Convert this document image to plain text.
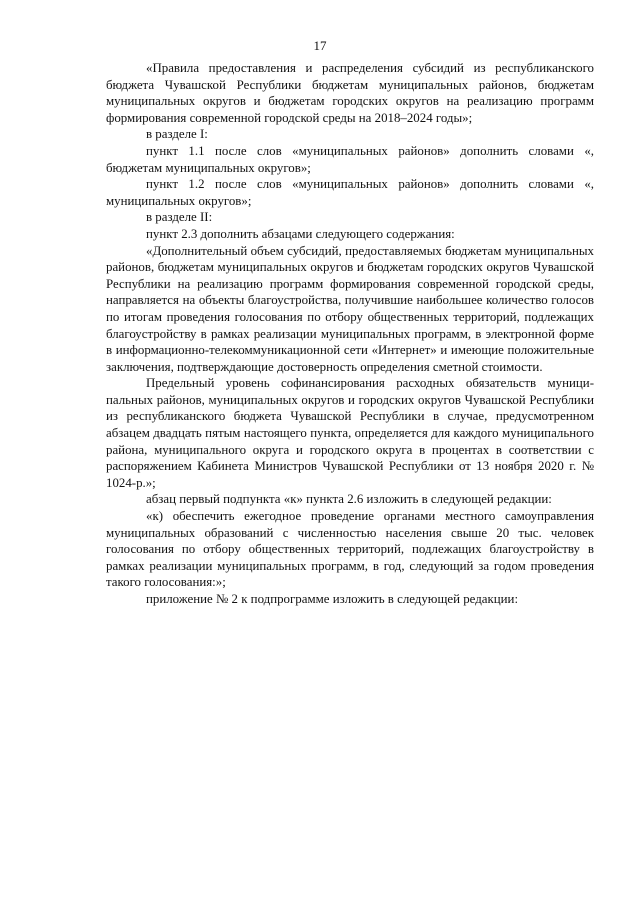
17

«Правила предоставления и распределения субсидий из республиканского бюджета Чувашской Республики бюджетам муниципальных районов, бюджетам муниципальных округов и бюджетам городских округов на реализацию программ формирования современной городской среды на 2018–2024 годы»;

в разделе I:

пункт 1.1 после слов «муниципальных районов» дополнить словами «, бюджетам муниципальных округов»;

пункт 1.2 после слов «муниципальных районов» дополнить словами «, муниципальных округов»;

в разделе II:

пункт 2.3 дополнить абзацами следующего содержания:

«Дополнительный объем субсидий, предоставляемых бюджетам муниципальных районов, бюджетам муниципальных округов и бюджетам городских округов Чувашской Республики на реализацию программ формирования современной городской среды, направляется на объекты благоустройства, получившие наибольшее количество голосов по итогам проведения голосования по отбору общественных территорий, подлежащих благоустройству в рамках реализации муниципальных программ, в электронной форме в информационно-телекоммуникационной сети «Интернет» и имеющие положительные заключения, подтверждающие достоверность определения сметной стоимости.

Предельный уровень софинансирования расходных обязательств муниципальных районов, муниципальных округов и городских округов Чувашской Республики из республиканского бюджета Чувашской Республики в случае, предусмотренном абзацем двадцать пятым настоящего пункта, определяется для каждого муниципального района, муниципального округа и городского округа в процентах в соответствии с распоряжением Кабинета Министров Чувашской Республики от 13 ноября 2020 г. № 1024-р.»;

абзац первый подпункта «к» пункта 2.6 изложить в следующей редакции:

«к) обеспечить ежегодное проведение органами местного самоуправления муниципальных образований с численностью населения свыше 20 тыс. человек голосования по отбору общественных территорий, подлежащих благоустройству в рамках реализации муниципальных программ, в год, следующий за годом проведения такого голосования:»;

приложение № 2 к подпрограмме изложить в следующей редакции:
